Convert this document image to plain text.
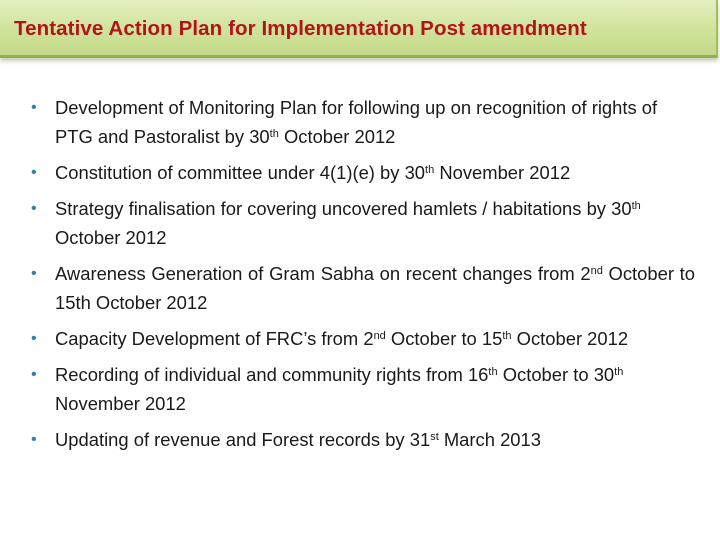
Tentative Action Plan for Implementation Post amendment
• Development of Monitoring Plan for following up on recognition of rights of PTG and Pastoralist by 30th October 2012
• Constitution of committee under 4(1)(e) by 30th November 2012
• Strategy finalisation for covering uncovered hamlets / habitations by 30th October 2012
• Awareness Generation of Gram Sabha on recent changes from 2nd October to 15th October 2012
• Capacity Development of FRC’s from 2nd October to 15th October 2012
• Recording of individual and community rights from 16th October to 30th November 2012
• Updating of revenue and Forest records by 31st March 2013
